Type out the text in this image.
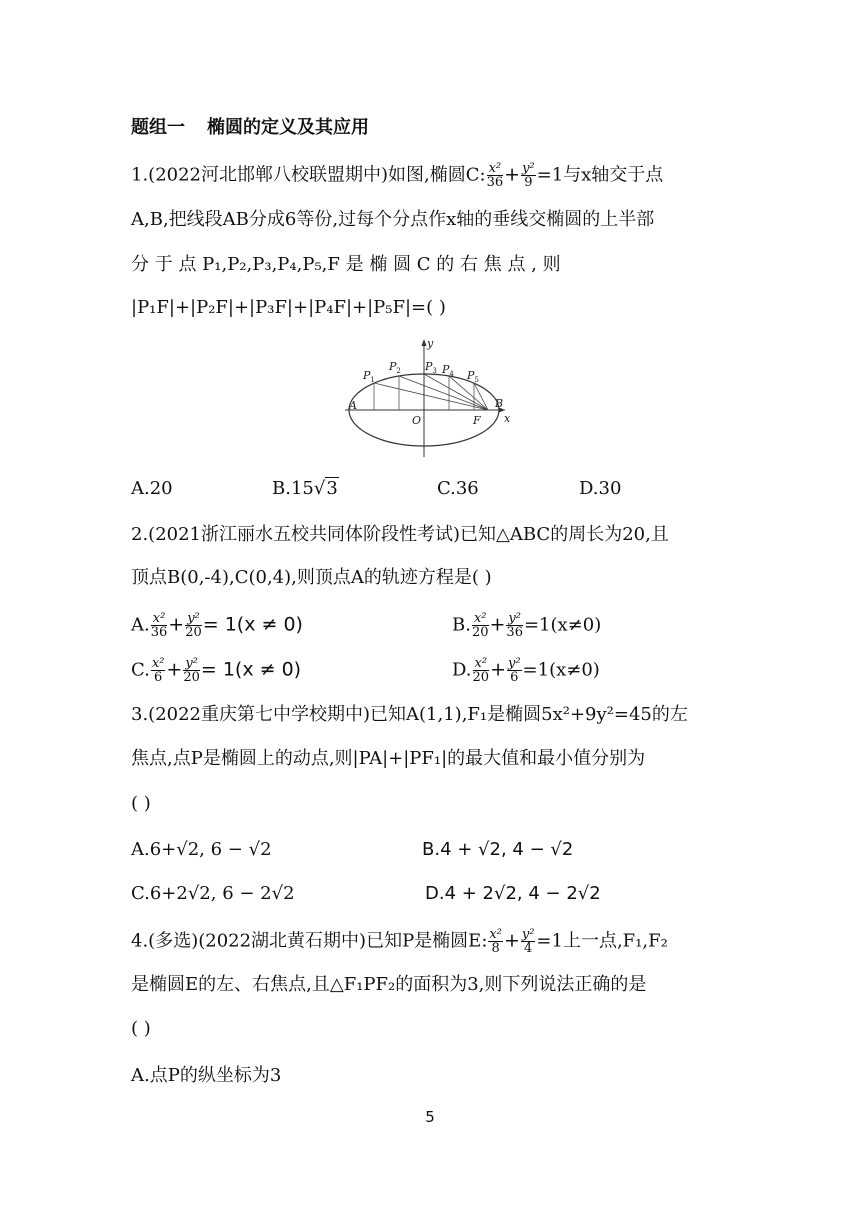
题组一 椭圆的定义及其应用
1.(2022河北邯郸八校联盟期中)如图,椭圆C: $\frac{\text{x²}}{36} + \frac{\text{y²}}{9} =1$与x轴交于点
A,B,把线段AB分成6等份,过每个分点作x轴的垂线交椭圆的上半部
分 于 点 P₁,P₂,P₃,P₄,P₅,F 是 椭 圆 C 的 右 焦 点 , 则
|P₁F|+|P₂F|+|P₃F|+|P₄F|+|P₅F|=( )
y
x
O
A	B
F
$P_1$
$P_2$ $P_3$ $P_4$ $P_5$
A.20	B.15√3	C.36	D.30
2.(2021浙江丽水五校共同体阶段性考试)已知△ABC的周长为20,且
顶点B(0,-4),C(0,4),则顶点A的轨迹方程是( )
A. $\frac{\text{x²}}{36} + \frac{\text{y²}}{20} = 1(x \ne 0)$	B. $\frac{\text{x²}}{20} + \frac{\text{y²}}{36} =1(x\ne 0)$
C. $\frac{\text{x²}}{6} + \frac{\text{y²}}{20} = 1(x \ne 0)$	D. $\frac{\text{x²}}{20} + \frac{\text{y²}}{6} =1(x\ne 0)$
3.(2022重庆第七中学校期中)已知A(1,1),F₁是椭圆5x²+9y²=45的左
焦点,点P是椭圆上的动点,则|PA|+|PF₁|的最大值和最小值分别为
( )
A.6+√2, 6 − √2	B.4 + √2, 4 − √2
C.6+2√2, 6 − 2√2	D.4 + 2√2, 4 − 2√2
4.(多选)(2022湖北黄石期中)已知P是椭圆E: $\frac{\text{x²}}{8} + \frac{\text{y²}}{4} =1$上一点,F₁,F₂
是椭圆E的左、右焦点,且△F₁PF₂的面积为3,则下列说法正确的是
( )
A.点P的纵坐标为3
5
